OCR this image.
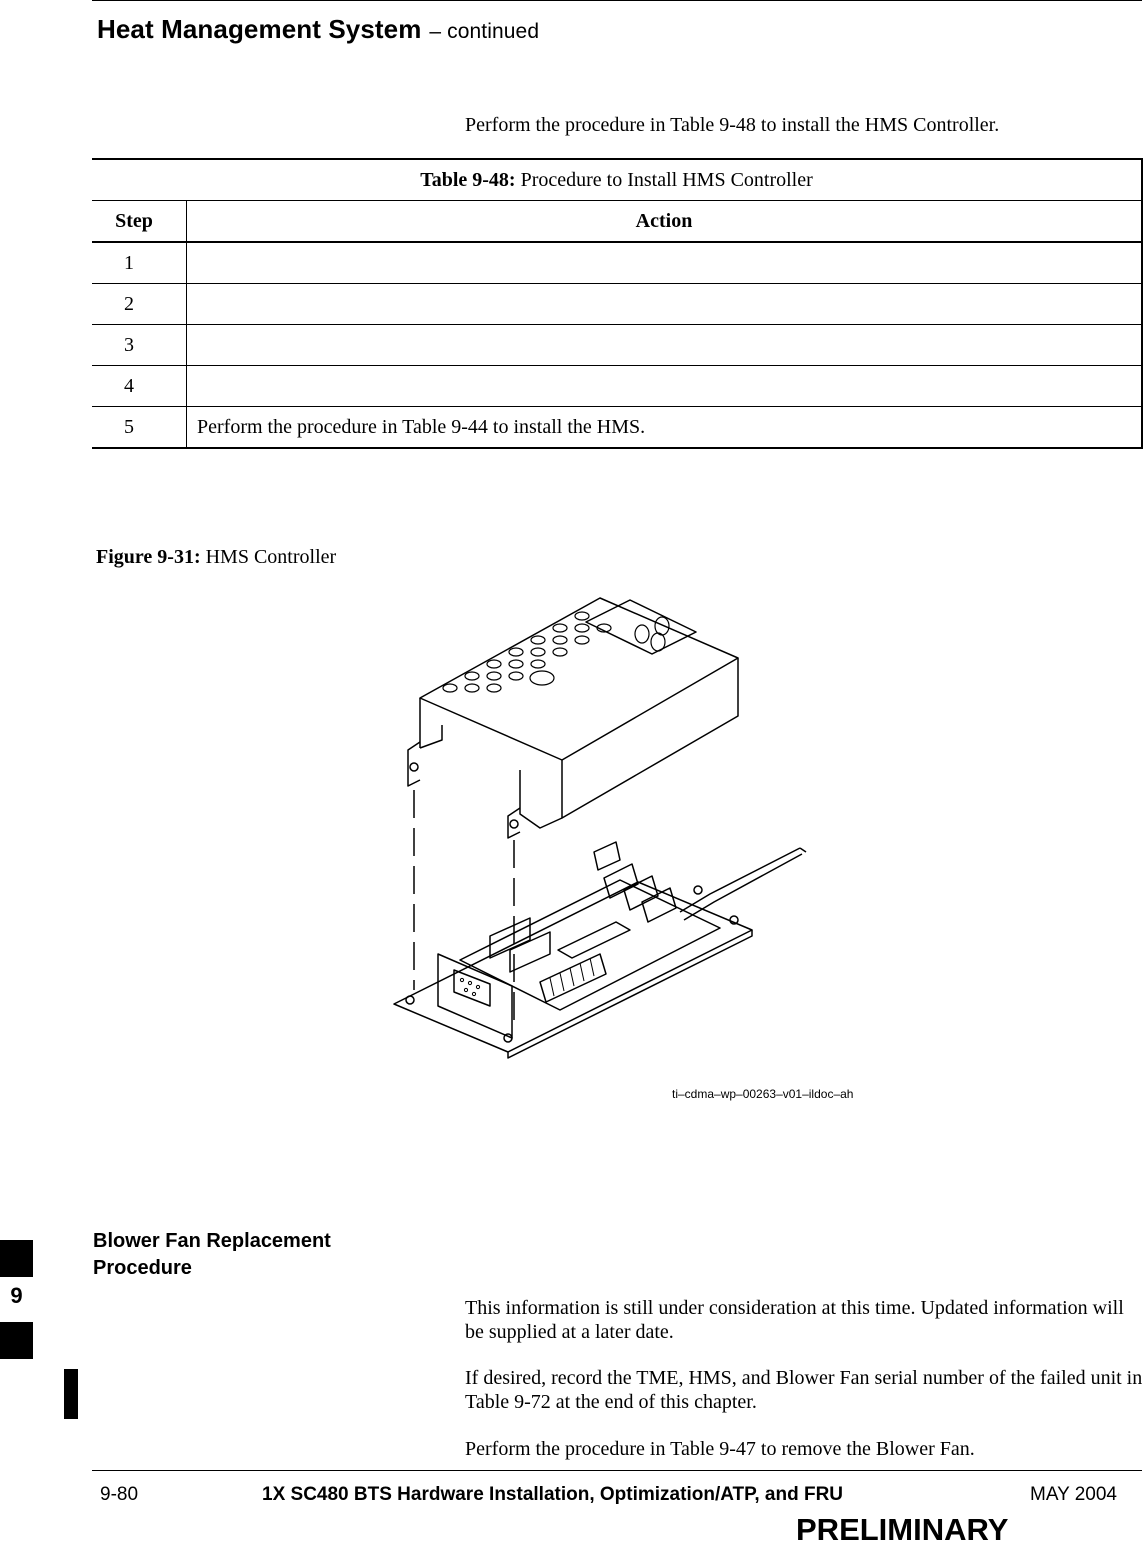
Heat Management System – continued
Perform the procedure in Table 9-48 to install the HMS Controller.
Table 9-48: Procedure to Install HMS Controller	
Step	Action
1	
2	
3	
4	
5	Perform the procedure in Table 9-44 to install the HMS.
Figure 9-31: HMS Controller
ti–cdma–wp–00263–v01–ildoc–ah
Blower Fan Replacement Procedure
This information is still under consideration at this time. Updated information will be supplied at a later date.
If desired, record the TME, HMS, and Blower Fan serial number of the failed unit in Table 9-72 at the end of this chapter.
Perform the procedure in Table 9-47 to remove the Blower Fan.
9
9-80	1X SC480 BTS Hardware Installation, Optimization/ATP, and FRU	MAY 2004
PRELIMINARY
